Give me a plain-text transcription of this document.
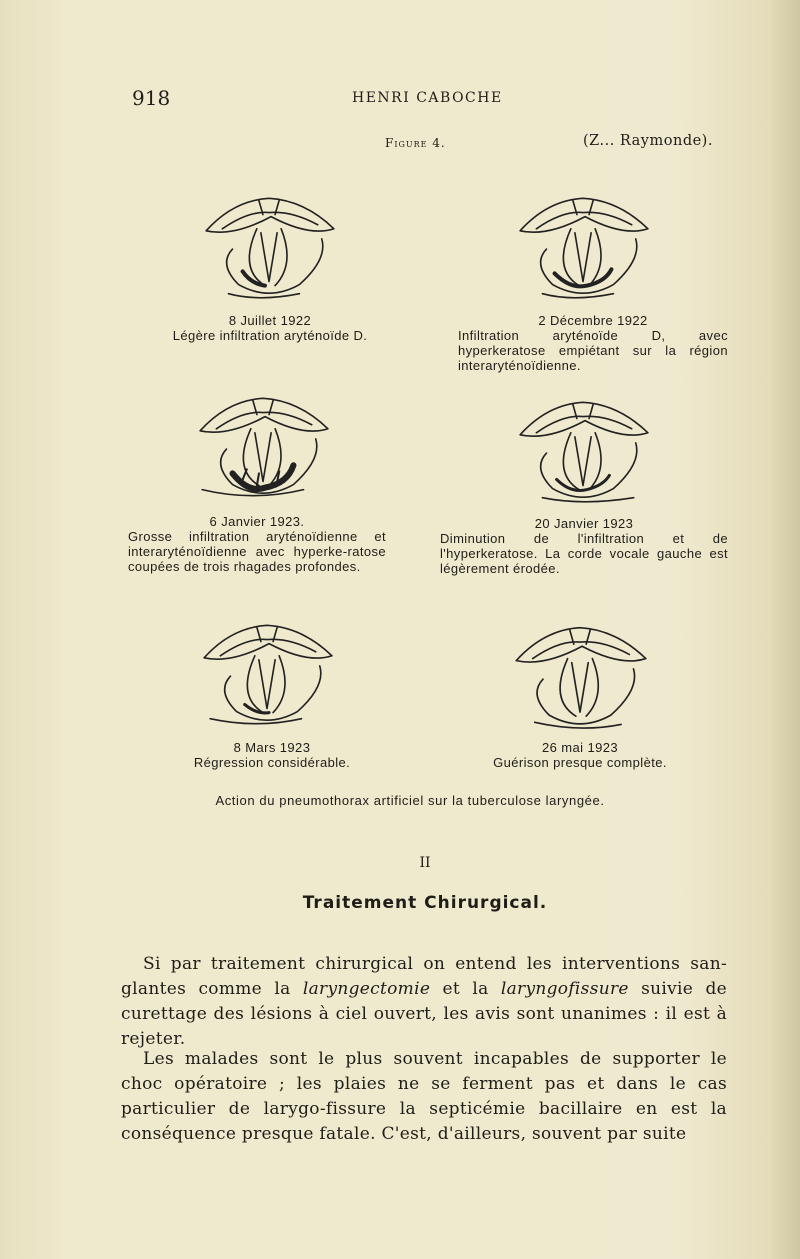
918	HENRI CABOCHE
Figure 4.	(Z... Raymonde).
8 Juillet 1922
Légère infiltration aryténoïde D.
2 Décembre 1922
Infiltration aryténoïde D, avec hyperkeratose empiétant sur la région interaryténoïdienne.
6 Janvier 1923.
Grosse infiltration aryténoïdienne et interaryténoïdienne avec hyperke-ratose coupées de trois rhagades profondes.
20 Janvier 1923
Diminution de l'infiltration et de l'hyperkeratose. La corde vocale gauche est légèrement érodée.
8 Mars 1923
Régression considérable.
26 mai 1923
Guérison presque complète.
Action du pneumothorax artificiel sur la tuberculose laryngée.
II
Traitement Chirurgical.

Si par traitement chirurgical on entend les interventions san-glantes comme la laryngectomie et la laryngofissure suivie de curettage des lésions à ciel ouvert, les avis sont unanimes : il est à rejeter.

Les malades sont le plus souvent incapables de supporter le choc opératoire ; les plaies ne se ferment pas et dans le cas particulier de larygo-fissure la septicémie bacillaire en est la conséquence presque fatale. C'est, d'ailleurs, souvent par suite
